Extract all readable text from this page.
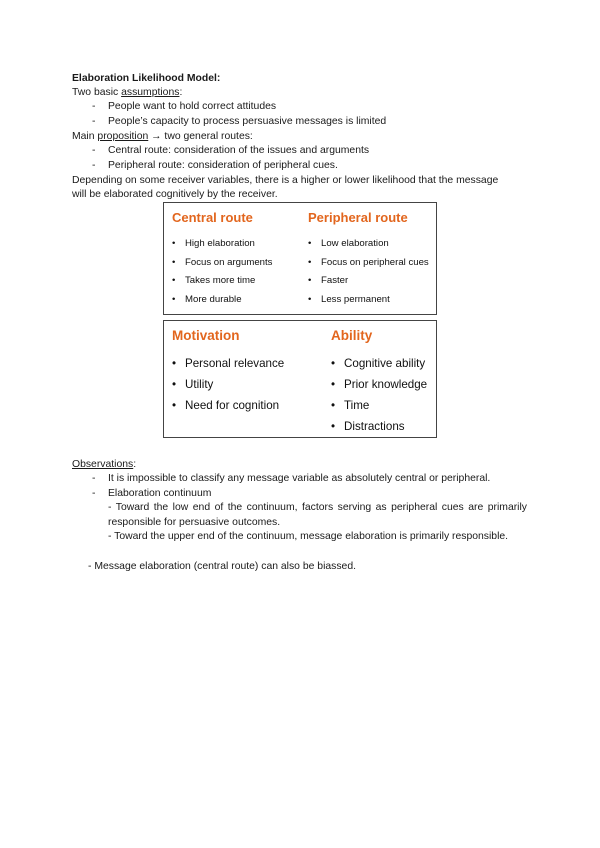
Elaboration Likelihood Model:
Two basic assumptions:
- People want to hold correct attitudes
- People’s capacity to process persuasive messages is limited
Main proposition → two general routes:
- Central route: consideration of the issues and arguments
- Peripheral route: consideration of peripheral cues.
Depending on some receiver variables, there is a higher or lower likelihood that the message
will be elaborated cognitively by the receiver.
Central route
• High elaboration
• Focus on arguments
• Takes more time
• More durable
Peripheral route
• Low elaboration
• Focus on peripheral cues
• Faster
• Less permanent
Motivation
• Personal relevance
• Utility
• Need for cognition
Ability
• Cognitive ability
• Prior knowledge
• Time
• Distractions
Observations:
- It is impossible to classify any message variable as absolutely central or peripheral.
- Elaboration continuum
- Toward the low end of the continuum, factors serving as peripheral cues are primarily responsible for persuasive outcomes.
- Toward the upper end of the continuum, message elaboration is primarily responsible.
- Message elaboration (central route) can also be biassed.
